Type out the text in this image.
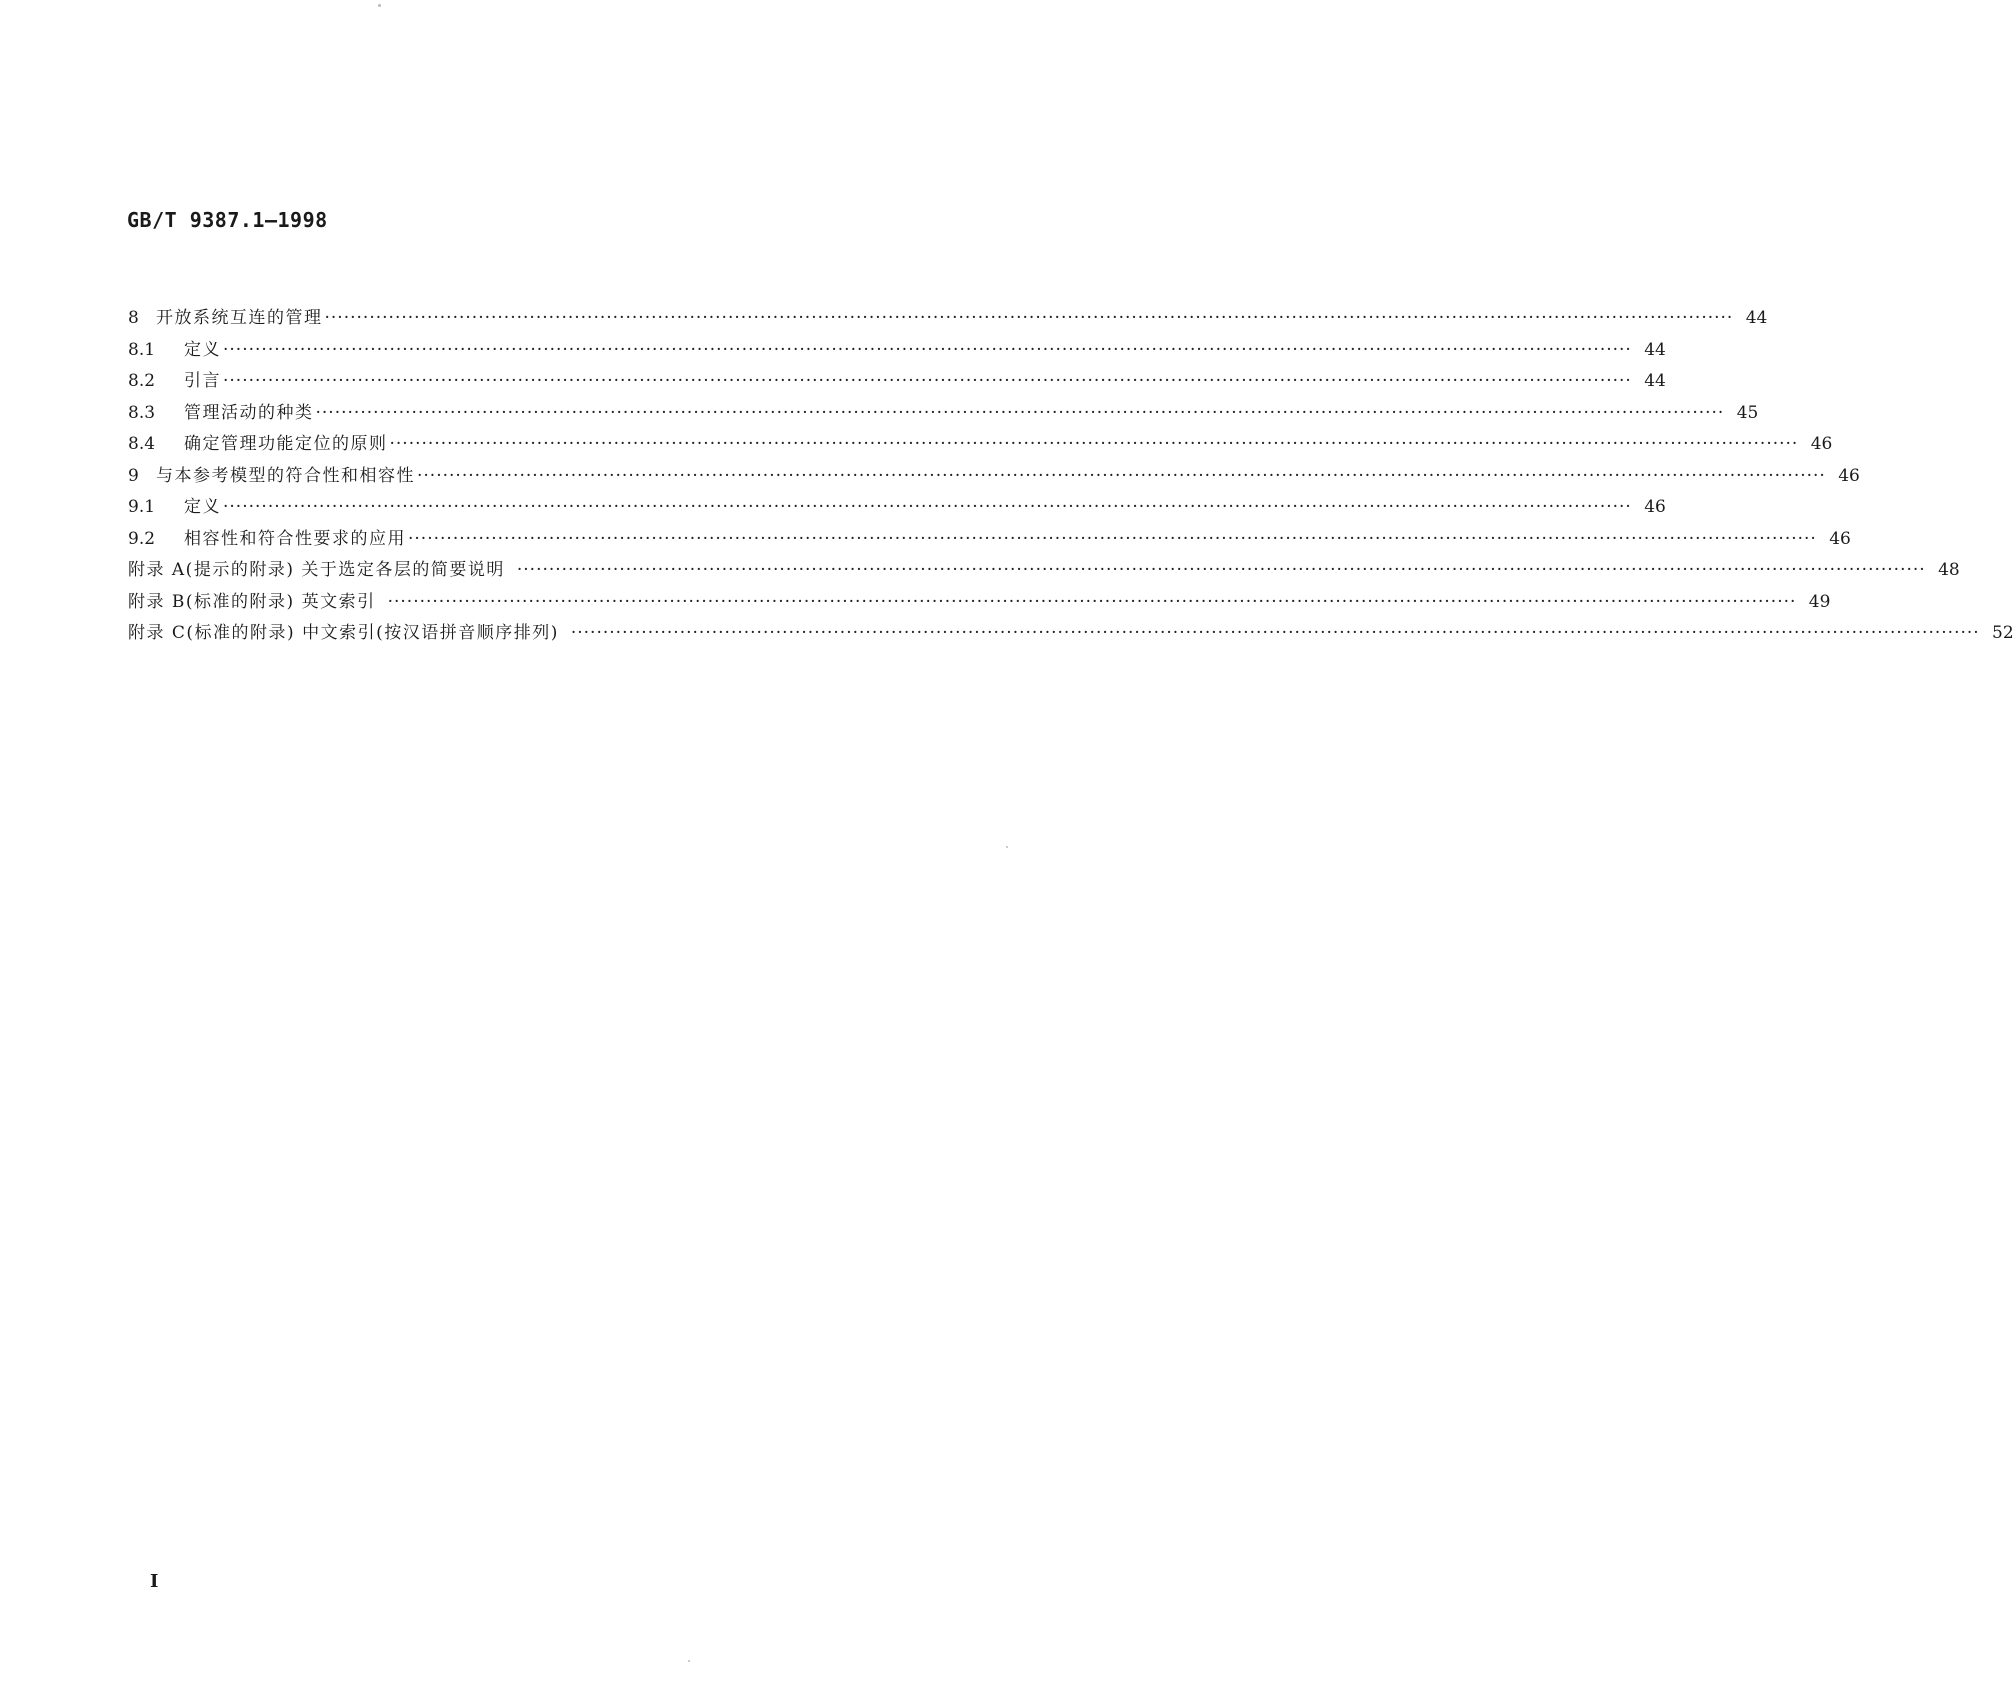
GB/T 9387.1—1998
8	开放系统互连的管理 ···························································································································································································································· 44
8.1	定义 ···························································································································································································································· 44
8.2	引言 ···························································································································································································································· 44
8.3	管理活动的种类 ···························································································································································································································· 45
8.4	确定管理功能定位的原则 ···························································································································································································································· 46
9	与本参考模型的符合性和相容性 ···························································································································································································································· 46
9.1	定义 ···························································································································································································································· 46
9.2	相容性和符合性要求的应用 ···························································································································································································································· 46
附录 A(提示的附录) 关于选定各层的简要说明 ···························································································································································································································· 48
附录 B(标准的附录) 英文索引 ···························································································································································································································· 49
附录 C(标准的附录) 中文索引(按汉语拼音顺序排列) ···························································································································································································································· 52
I
